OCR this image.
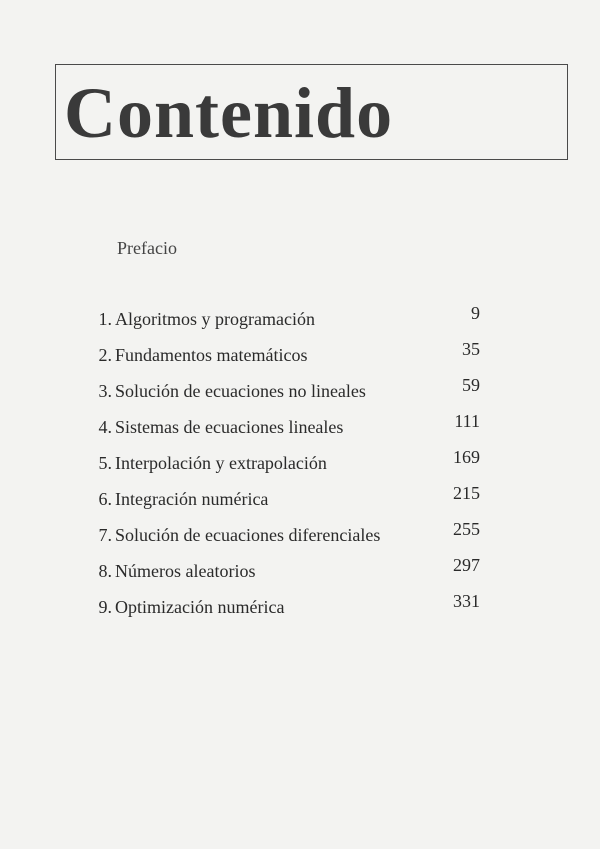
Contenido
Prefacio
1. Algoritmos y programación	9
2. Fundamentos matemáticos	35
3. Solución de ecuaciones no lineales	59
4. Sistemas de ecuaciones lineales	111
5. Interpolación y extrapolación	169
6. Integración numérica	215
7. Solución de ecuaciones diferenciales	255
8. Números aleatorios	297
9. Optimización numérica	331
